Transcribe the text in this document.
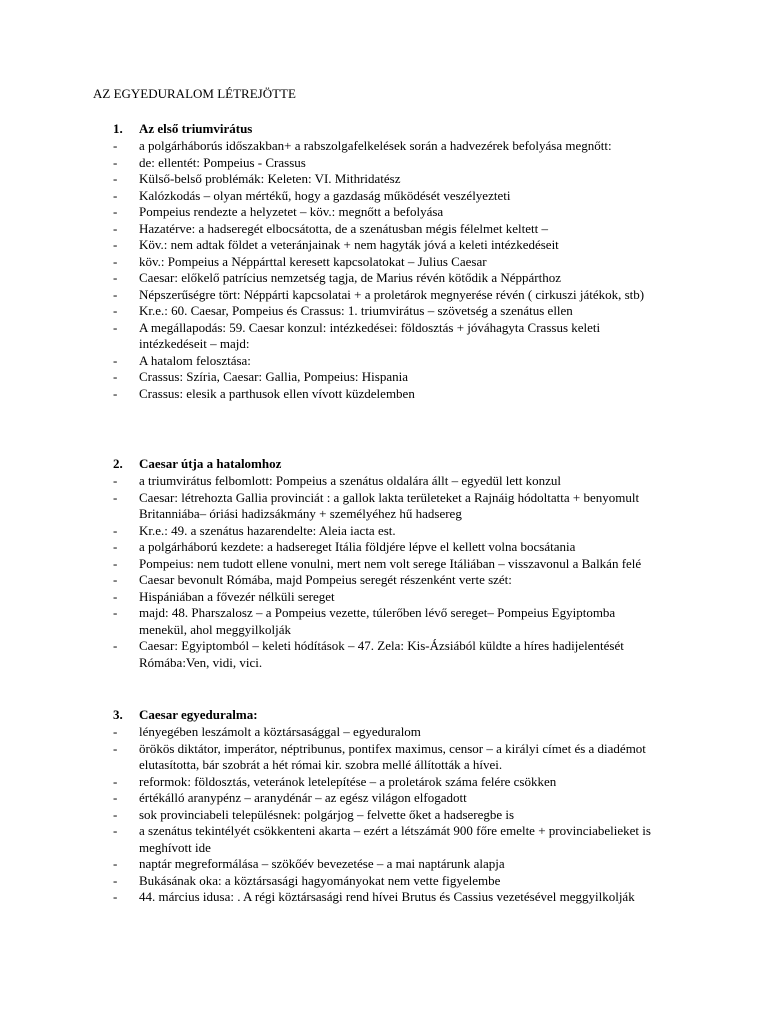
AZ EGYEDURALOM LÉTREJÖTTE
1. Az első triumvirátus
- a polgárháborús időszakban+ a rabszolgafelkelések során a hadvezérek befolyása megnőtt:
- de: ellentét: Pompeius - Crassus
- Külső-belső problémák: Keleten: VI. Mithridatész
- Kalózkodás – olyan mértékű, hogy a gazdaság működését veszélyezteti
- Pompeius rendezte a helyzetet – köv.: megnőtt a befolyása
- Hazatérve: a hadseregét elbocsátotta, de a szenátusban mégis félelmet keltett –
- Köv.: nem adtak földet a veteránjainak + nem hagyták jóvá a keleti intézkedéseit
- köv.: Pompeius a Néppárttal keresett kapcsolatokat – Julius Caesar
- Caesar: előkelő patrícius nemzetség tagja, de Marius révén kötődik a Néppárthoz
- Népszerűségre tört: Néppárti kapcsolatai + a proletárok megnyerése révén ( cirkuszi játékok, stb)
- Kr.e.: 60. Caesar, Pompeius és Crassus: 1. triumvirátus – szövetség a szenátus ellen
- A megállapodás: 59. Caesar konzul: intézkedései: földosztás + jóváhagyta Crassus keleti intézkedéseit – majd:
- A hatalom felosztása:
- Crassus: Szíria, Caesar: Gallia, Pompeius: Hispania
- Crassus: elesik a parthusok ellen vívott küzdelemben
2. Caesar útja a hatalomhoz
- a triumvirátus felbomlott: Pompeius a szenátus oldalára állt – egyedül lett konzul
- Caesar: létrehozta Gallia provinciát : a gallok lakta területeket a Rajnáig hódoltatta + benyomult Britanniába– óriási hadizsákmány + személyéhez hű hadsereg
- Kr.e.: 49. a szenátus hazarendelte: Aleia iacta est.
- a polgárháború kezdete: a hadsereget Itália földjére lépve el kellett volna bocsátania
- Pompeius: nem tudott ellene vonulni, mert nem volt serege Itáliában – visszavonul a Balkán felé
- Caesar bevonult Rómába, majd Pompeius seregét részenként verte szét:
- Hispániában a fővezér nélküli sereget
- majd: 48. Pharszalosz – a Pompeius vezette, túlerőben lévő sereget– Pompeius Egyiptomba menekül, ahol meggyilkolják
- Caesar: Egyiptomból – keleti hódítások – 47. Zela: Kis-Ázsiából küldte a híres hadijelentését Rómába:Ven, vidi, vici.
3. Caesar egyeduralma:
- lényegében leszámolt a köztársasággal – egyeduralom
- örökös diktátor, imperátor, néptribunus, pontifex maximus, censor – a királyi címet és a diadémot elutasította, bár szobrát a hét római kir. szobra mellé állították a hívei.
- reformok: földosztás, veteránok letelepítése – a proletárok száma felére csökken
- értékálló aranypénz – aranydénár – az egész világon elfogadott
- sok provinciabeli településnek: polgárjog – felvette őket a hadseregbe is
- a szenátus tekintélyét csökkenteni akarta – ezért a létszámát 900 főre emelte + provinciabelieket is meghívott ide
- naptár megreformálása – szökőév bevezetése – a mai naptárunk alapja
- Bukásának oka: a köztársasági hagyományokat nem vette figyelembe
- 44. március idusa: . A régi köztársasági rend hívei Brutus és Cassius vezetésével meggyilkolják
